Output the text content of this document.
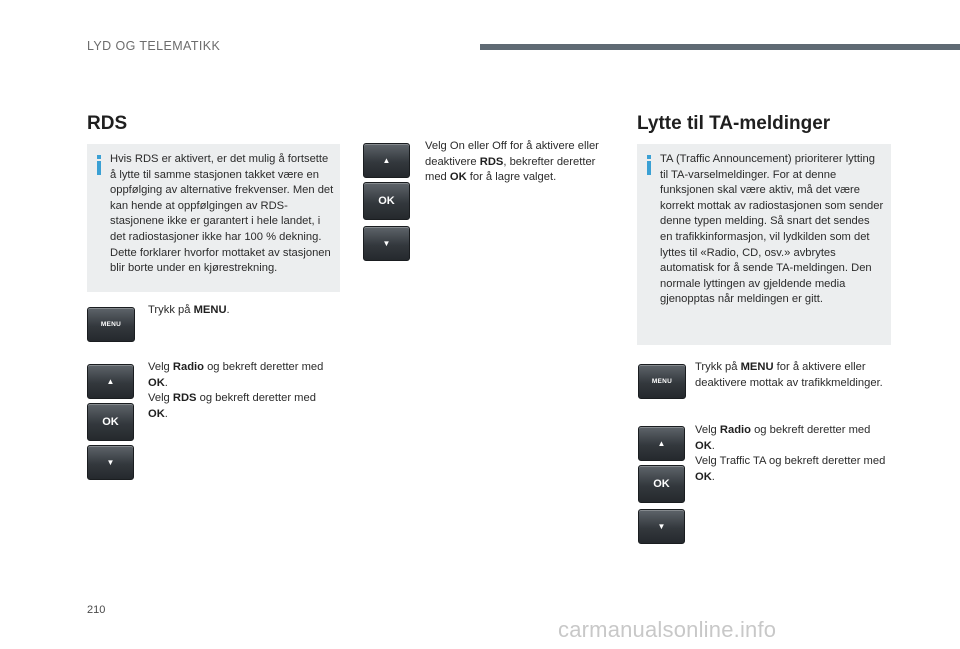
LYD OG TELEMATIKK
RDS
Hvis RDS er aktivert, er det mulig å fortsette å lytte til samme stasjonen takket være en oppfølging av alternative frekvenser. Men det kan hende at oppfølgingen av RDS-stasjonene ikke er garantert i hele landet, i det radiostasjoner ikke har 100 % dekning. Dette forklarer hvorfor mottaket av stasjonen blir borte under en kjørestrekning.
MENU
Trykk på MENU.
▲
OK
▼
Velg Radio og bekreft deretter med OK.
Velg RDS og bekreft deretter med OK.
▲
OK
▼
Velg On eller Off for å aktivere eller deaktivere RDS, bekrefter deretter med OK for å lagre valget.
Lytte til TA-meldinger
TA (Traffic Announcement) prioriterer lytting til TA-varselmeldinger. For at denne funksjonen skal være aktiv, må det være korrekt mottak av radiostasjonen som sender denne typen melding. Så snart det sendes en trafikkinformasjon, vil lydkilden som det lyttes til «Radio, CD, osv.» avbrytes automatisk for å sende TA-meldingen. Den normale lyttingen av gjeldende media gjenopptas når meldingen er gitt.
MENU
Trykk på MENU for å aktivere eller deaktivere mottak av trafikkmeldinger.
▲
OK
▼
Velg Radio og bekreft deretter med OK.
Velg Traffic TA og bekreft deretter med OK.
210
carmanualsonline.info
